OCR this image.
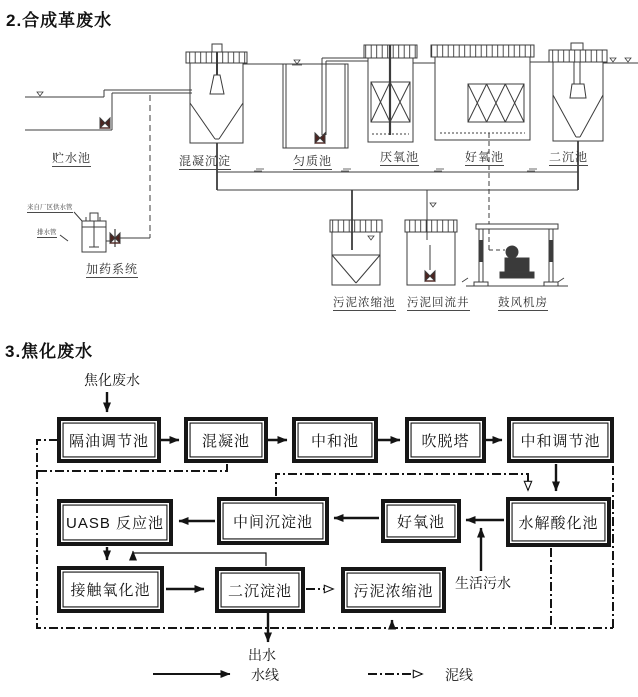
2.合成革废水
贮水池	混凝沉淀	匀质池	厌氧池	好氧池	二沉池
来自厂区供水管
排水管
加药系统
污泥浓缩池 污泥回流井 鼓风机房
3.焦化废水
焦化废水
隔油调节池	混凝池	中和池	吹脱塔	中和调节池
UASB 反应池	中间沉淀池	好氧池	水解酸化池
接触氧化池	二沉淀池	污泥浓缩池 生活污水
出水
水线	泥线
